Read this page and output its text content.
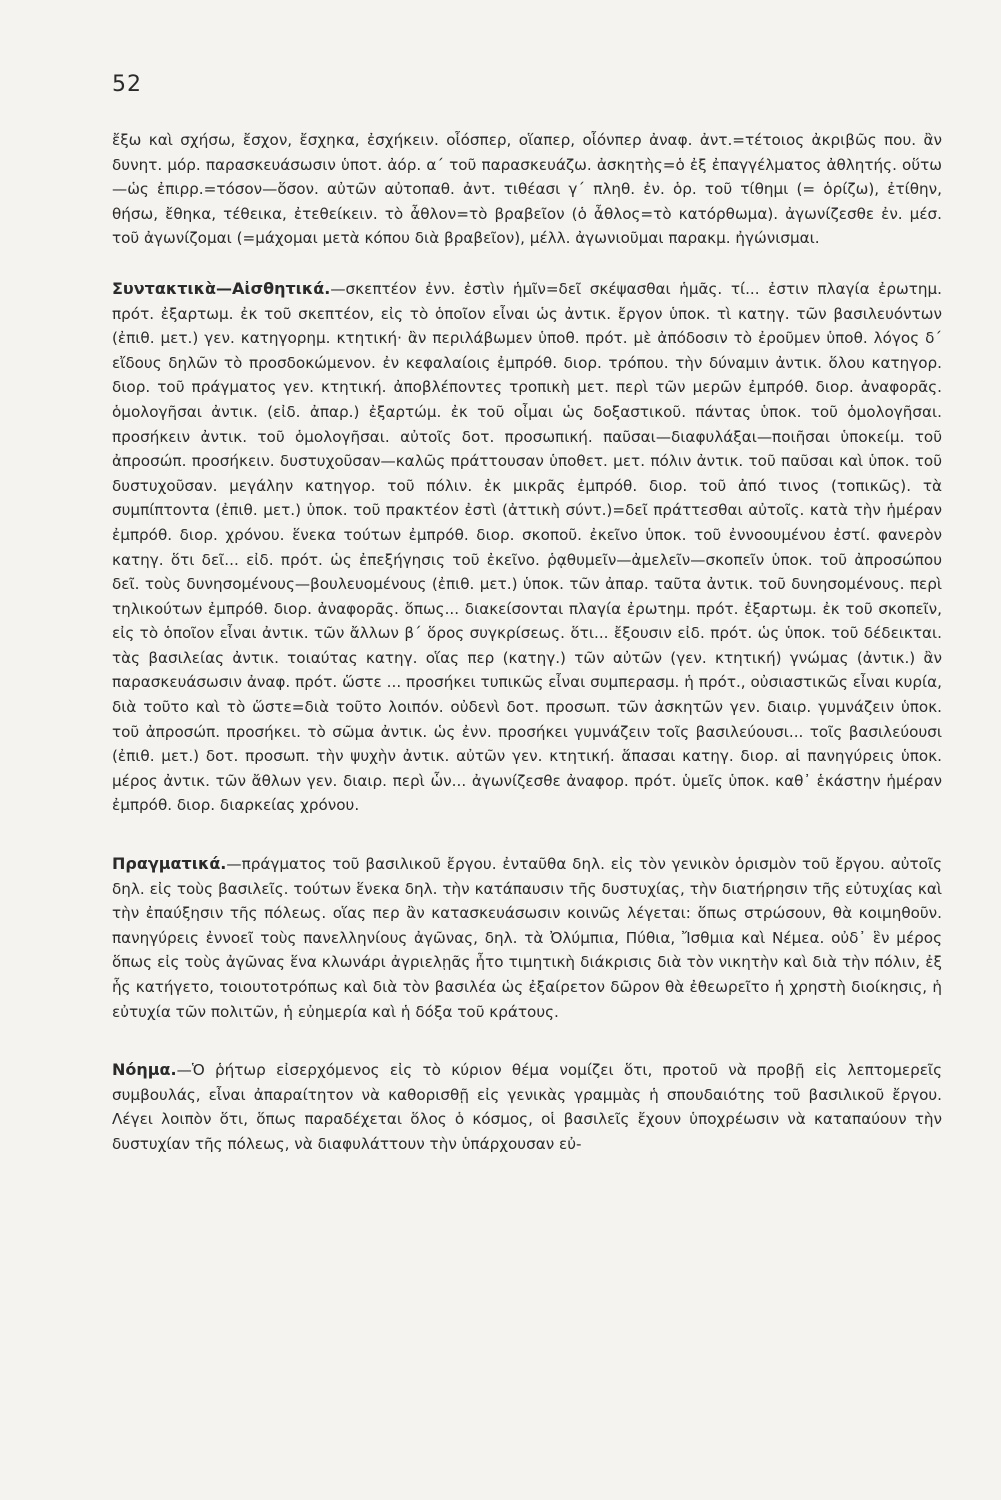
52

ἔξω καὶ σχήσω, ἔσχον, ἔσχηκα, ἐσχήκειν. οἷόσπερ, οἵαπερ, οἷόνπερ ἀναφ. ἀντ.=τέτοιος ἀκριβῶς που. ἂν δυνητ. μόρ. παρασκευάσωσιν ὑποτ. ἀόρ. α΄ τοῦ παρασκευάζω. ἀσκητὴς=ὁ ἐξ ἐπαγγέλματος ἀθλητής. οὕτω—ὡς ἐπιρρ.=τόσον—ὅσον. αὐτῶν αὐτοπαθ. ἀντ. τιθέασι γ΄ πληθ. ἐν. ὁρ. τοῦ τίθημι (= ὁρίζω), ἐτίθην, θήσω, ἔθηκα, τέθεικα, ἐτεθείκειν. τὸ ἆθλον=τὸ βραβεῖον (ὁ ἆθλος=τὸ κατόρθωμα). ἀγωνίζεσθε ἐν. μέσ. τοῦ ἀγωνίζομαι (=μάχομαι μετὰ κόπου διὰ βραβεῖον), μέλλ. ἀγωνιοῦμαι παρακμ. ἠγώνισμαι.

Συντακτικὰ—Αἰσθητικά.—σκεπτέον ἐνν. ἐστὶν ἡμῖν=δεῖ σκέψασθαι ἡμᾶς. τί... ἐστιν πλαγία ἐρωτημ. πρότ. ἐξαρτωμ. ἐκ τοῦ σκεπτέον, εἰς τὸ ὁποῖον εἶναι ὡς ἀντικ. ἔργον ὑποκ. τὶ κατηγ. τῶν βασιλευόντων (ἐπιθ. μετ.) γεν. κατηγορημ. κτητική· ἂν περιλάβωμεν ὑποθ. πρότ. μὲ ἀπόδοσιν τὸ ἐροῦμεν ὑποθ. λόγος δ΄ εἴδους δηλῶν τὸ προσδοκώμενον. ἐν κεφαλαίοις ἐμπρόθ. διορ. τρόπου. τὴν δύναμιν ἀντικ. ὅλου κατηγορ. διορ. τοῦ πράγματος γεν. κτητική. ἀποβλέποντες τροπικὴ μετ. περὶ τῶν μερῶν ἐμπρόθ. διορ. ἀναφορᾶς. ὁμολογῆσαι ἀντικ. (εἰδ. ἀπαρ.) ἐξαρτώμ. ἐκ τοῦ οἶμαι ὡς δοξαστικοῦ. πάντας ὑποκ. τοῦ ὁμολογῆσαι. προσήκειν ἀντικ. τοῦ ὁμολογῆσαι. αὐτοῖς δοτ. προσωπική. παῦσαι—διαφυλάξαι—ποιῆσαι ὑποκείμ. τοῦ ἀπροσώπ. προσήκειν. δυστυχοῦσαν—καλῶς πράττουσαν ὑποθετ. μετ. πόλιν ἀντικ. τοῦ παῦσαι καὶ ὑποκ. τοῦ δυστυχοῦσαν. μεγάλην κατηγορ. τοῦ πόλιν. ἐκ μικρᾶς ἐμπρόθ. διορ. τοῦ ἀπό τινος (τοπικῶς). τὰ συμπίπτοντα (ἐπιθ. μετ.) ὑποκ. τοῦ πρακτέον ἐστὶ (ἀττικὴ σύντ.)=δεῖ πράττεσθαι αὐτοῖς. κατὰ τὴν ἡμέραν ἐμπρόθ. διορ. χρόνου. ἕνεκα τούτων ἐμπρόθ. διορ. σκοποῦ. ἐκεῖνο ὑποκ. τοῦ ἐννοουμένου ἐστί. φανερὸν κατηγ. ὅτι δεῖ... εἰδ. πρότ. ὡς ἐπεξήγησις τοῦ ἐκεῖνο. ῥᾳθυμεῖν—ἀμελεῖν—σκοπεῖν ὑποκ. τοῦ ἀπροσώπου δεῖ. τοὺς δυνησομένους—βουλευομένους (ἐπιθ. μετ.) ὑποκ. τῶν ἀπαρ. ταῦτα ἀντικ. τοῦ δυνησομένους. περὶ τηλικούτων ἐμπρόθ. διορ. ἀναφορᾶς. ὅπως... διακείσονται πλαγία ἐρωτημ. πρότ. ἐξαρτωμ. ἐκ τοῦ σκοπεῖν, εἰς τὸ ὁποῖον εἶναι ἀντικ. τῶν ἄλλων β΄ ὅρος συγκρίσεως. ὅτι... ἔξουσιν εἰδ. πρότ. ὡς ὑποκ. τοῦ δέδεικται. τὰς βασιλείας ἀντικ. τοιαύτας κατηγ. οἵας περ (κατηγ.) τῶν αὐτῶν (γεν. κτητική) γνώμας (ἀντικ.) ἂν παρασκευάσωσιν ἀναφ. πρότ. ὥστε ... προσήκει τυπικῶς εἶναι συμπερασμ. ἡ πρότ., οὐσιαστικῶς εἶναι κυρία, διὰ τοῦτο καὶ τὸ ὥστε=διὰ τοῦτο λοιπόν. οὐδενὶ δοτ. προσωπ. τῶν ἀσκητῶν γεν. διαιρ. γυμνάζειν ὑποκ. τοῦ ἀπροσώπ. προσήκει. τὸ σῶμα ἀντικ. ὡς ἐνν. προσήκει γυμνάζειν τοῖς βασιλεύουσι... τοῖς βασιλεύουσι (ἐπιθ. μετ.) δοτ. προσωπ. τὴν ψυχὴν ἀντικ. αὐτῶν γεν. κτητική. ἅπασαι κατηγ. διορ. αἱ πανηγύρεις ὑποκ. μέρος ἀντικ. τῶν ἄθλων γεν. διαιρ. περὶ ὧν... ἀγωνίζεσθε ἀναφορ. πρότ. ὑμεῖς ὑποκ. καθ᾽ ἑκάστην ἡμέραν ἐμπρόθ. διορ. διαρκείας χρόνου.

Πραγματικά.—πράγματος τοῦ βασιλικοῦ ἔργου. ἐνταῦθα δηλ. εἰς τὸν γενικὸν ὁρισμὸν τοῦ ἔργου. αὐτοῖς δηλ. εἰς τοὺς βασιλεῖς. τούτων ἕνεκα δηλ. τὴν κατάπαυσιν τῆς δυστυχίας, τὴν διατήρησιν τῆς εὐτυχίας καὶ τὴν ἐπαύξησιν τῆς πόλεως. οἵας περ ἂν κατασκευάσωσιν κοινῶς λέγεται: ὅπως στρώσουν, θὰ κοιμηθοῦν. πανηγύρεις ἐννοεῖ τοὺς πανελληνίους ἀγῶνας, δηλ. τὰ Ὀλύμπια, Πύθια, Ἴσθμια καὶ Νέμεα. οὐδ᾽ ἓν μέρος ὅπως εἰς τοὺς ἀγῶνας ἕνα κλωνάρι ἀγριελῃᾶς ἦτο τιμητικὴ διάκρισις διὰ τὸν νικητὴν καὶ διὰ τὴν πόλιν, ἐξ ἧς κατήγετο, τοιουτοτρόπως καὶ διὰ τὸν βασιλέα ὡς ἐξαίρετον δῶρον θὰ ἐθεωρεῖτο ἡ χρηστὴ διοίκησις, ἡ εὐτυχία τῶν πολιτῶν, ἡ εὐημερία καὶ ἡ δόξα τοῦ κράτους.

Νόημα.—Ὁ ῥήτωρ εἰσερχόμενος εἰς τὸ κύριον θέμα νομίζει ὅτι, προτοῦ νὰ προβῇ εἰς λεπτομερεῖς συμβουλάς, εἶναι ἀπαραίτητον νὰ καθορισθῇ εἰς γενικὰς γραμμὰς ἡ σπουδαιότης τοῦ βασιλικοῦ ἔργου. Λέγει λοιπὸν ὅτι, ὅπως παραδέχεται ὅλος ὁ κόσμος, οἱ βασιλεῖς ἔχουν ὑποχρέωσιν νὰ καταπαύουν τὴν δυστυχίαν τῆς πόλεως, νὰ διαφυλάττουν τὴν ὑπάρχουσαν εὐ-
